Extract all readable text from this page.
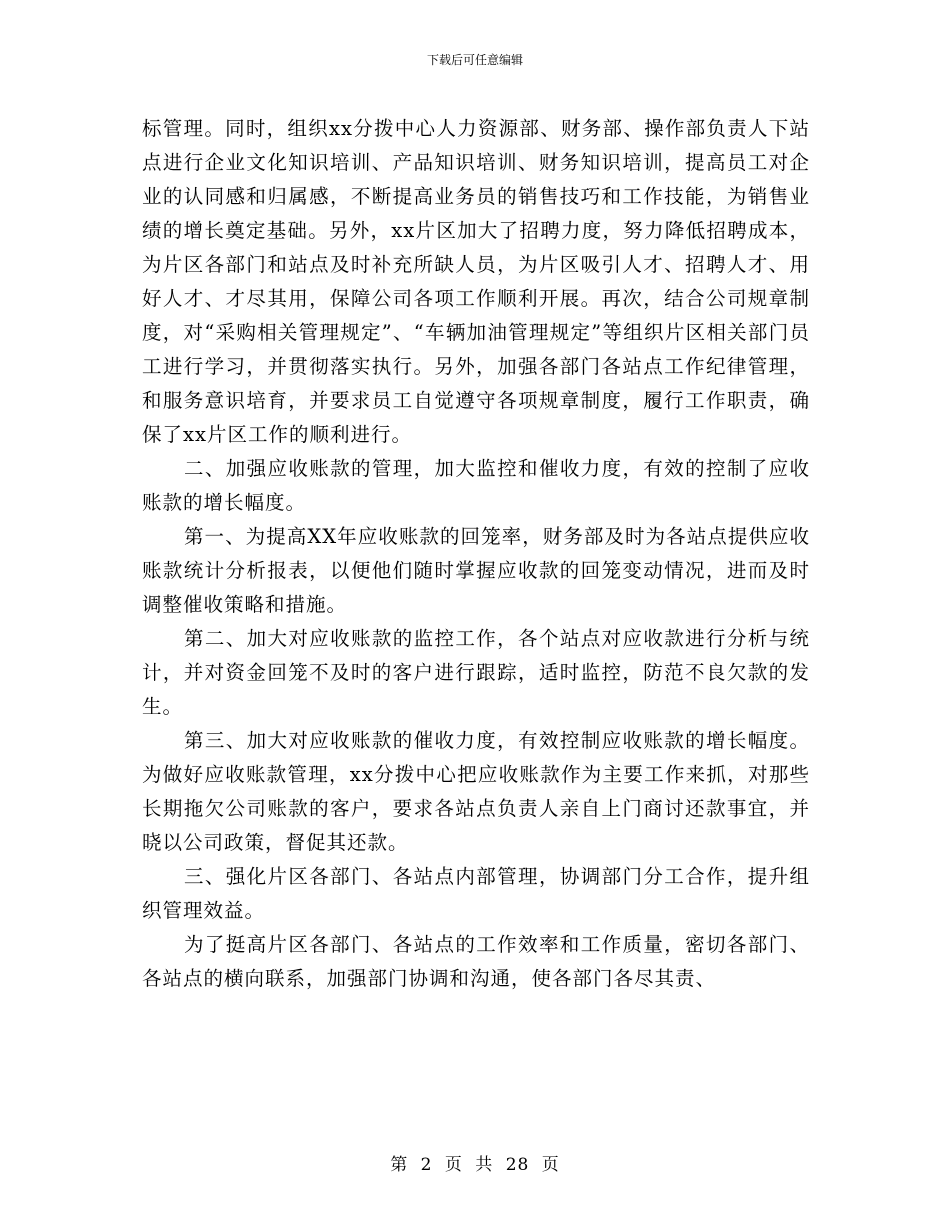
下载后可任意编辑

标管理。同时，组织xx分拨中心人力资源部、财务部、操作部负责人下站点进行企业文化知识培训、产品知识培训、财务知识培训，提高员工对企业的认同感和归属感，不断提高业务员的销售技巧和工作技能，为销售业绩的增长奠定基础。另外，xx片区加大了招聘力度，努力降低招聘成本，为片区各部门和站点及时补充所缺人员，为片区吸引人才、招聘人才、用好人才、才尽其用，保障公司各项工作顺利开展。再次，结合公司规章制度，对“采购相关管理规定”、“车辆加油管理规定”等组织片区相关部门员工进行学习，并贯彻落实执行。另外，加强各部门各站点工作纪律管理，和服务意识培育，并要求员工自觉遵守各项规章制度，履行工作职责，确保了xx片区工作的顺利进行。

二、加强应收账款的管理，加大监控和催收力度，有效的控制了应收账款的增长幅度。

第一、为提高XX年应收账款的回笼率，财务部及时为各站点提供应收账款统计分析报表，以便他们随时掌握应收款的回笼变动情况，进而及时调整催收策略和措施。

第二、加大对应收账款的监控工作，各个站点对应收款进行分析与统计，并对资金回笼不及时的客户进行跟踪，适时监控，防范不良欠款的发生。

第三、加大对应收账款的催收力度，有效控制应收账款的增长幅度。为做好应收账款管理，xx分拨中心把应收账款作为主要工作来抓，对那些长期拖欠公司账款的客户，要求各站点负责人亲自上门商讨还款事宜，并晓以公司政策，督促其还款。

三、强化片区各部门、各站点内部管理，协调部门分工合作，提升组织管理效益。

为了挺高片区各部门、各站点的工作效率和工作质量，密切各部门、各站点的横向联系，加强部门协调和沟通，使各部门各尽其责、

第 2 页 共 28 页
